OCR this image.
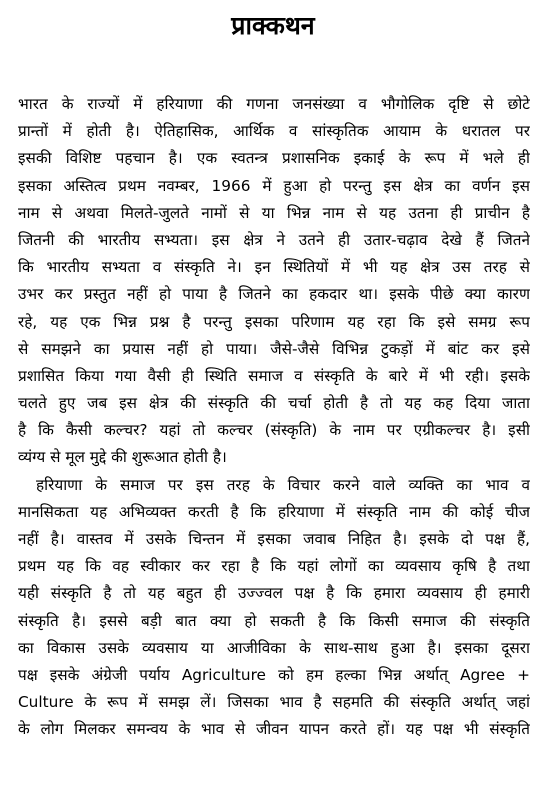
प्राक्कथन
भारत के राज्यों में हरियाणा की गणना जनसंख्या व भौगोलिक दृष्टि से छोटे
प्रान्तों में होती है। ऐतिहासिक, आर्थिक व सांस्कृतिक आयाम के धरातल पर
इसकी विशिष्ट पहचान है। एक स्वतन्त्र प्रशासनिक इकाई के रूप में भले ही
इसका अस्तित्व प्रथम नवम्बर, 1966 में हुआ हो परन्तु इस क्षेत्र का वर्णन इस
नाम से अथवा मिलते-जुलते नामों से या भिन्न नाम से यह उतना ही प्राचीन है
जितनी की भारतीय सभ्यता। इस क्षेत्र ने उतने ही उतार-चढ़ाव देखे हैं जितने
कि भारतीय सभ्यता व संस्कृति ने। इन स्थितियों में भी यह क्षेत्र उस तरह से
उभर कर प्रस्तुत नहीं हो पाया है जितने का हकदार था। इसके पीछे क्या कारण
रहे, यह एक भिन्न प्रश्न है परन्तु इसका परिणाम यह रहा कि इसे समग्र रूप
से समझने का प्रयास नहीं हो पाया। जैसे-जैसे विभिन्न टुकड़ों में बांट कर इसे
प्रशासित किया गया वैसी ही स्थिति समाज व संस्कृति के बारे में भी रही। इसके
चलते हुए जब इस क्षेत्र की संस्कृति की चर्चा होती है तो यह कह दिया जाता
है कि कैसी कल्चर? यहां तो कल्चर (संस्कृति) के नाम पर एग्रीकल्चर है। इसी
व्यंग्य से मूल मुद्दे की शुरूआत होती है।
हरियाणा के समाज पर इस तरह के विचार करने वाले व्यक्ति का भाव व
मानसिकता यह अभिव्यक्त करती है कि हरियाणा में संस्कृति नाम की कोई चीज
नहीं है। वास्तव में उसके चिन्तन में इसका जवाब निहित है। इसके दो पक्ष हैं,
प्रथम यह कि वह स्वीकार कर रहा है कि यहां लोगों का व्यवसाय कृषि है तथा
यही संस्कृति है तो यह बहुत ही उज्ज्वल पक्ष है कि हमारा व्यवसाय ही हमारी
संस्कृति है। इससे बड़ी बात क्या हो सकती है कि किसी समाज की संस्कृति
का विकास उसके व्यवसाय या आजीविका के साथ-साथ हुआ है। इसका दूसरा
पक्ष इसके अंग्रेजी पर्याय Agriculture को हम हल्का भिन्न अर्थात् Agree +
Culture के रूप में समझ लें। जिसका भाव है सहमति की संस्कृति अर्थात् जहां
के लोग मिलकर समन्वय के भाव से जीवन यापन करते हों। यह पक्ष भी संस्कृति
